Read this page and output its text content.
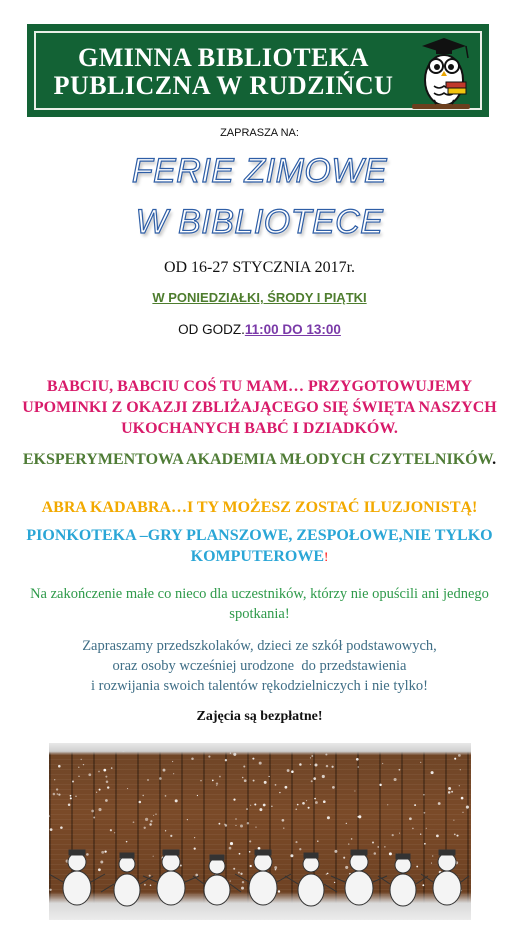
GMINNA BIBLIOTEKA
PUBLICZNA W RUDZIŃCU
ZAPRASZA NA:
FERIE ZIMOWE
W BIBLIOTECE
OD 16-27 STYCZNIA 2017r.
W PONIEDZIAŁKI, ŚRODY I PIĄTKI
OD GODZ.11:00 DO 13:00
BABCIU, BABCIU COŚ TU MAM… PRZYGOTOWUJEMY UPOMINKI Z OKAZJI ZBLIŻAJĄCEGO SIĘ ŚWIĘTA NASZYCH UKOCHANYCH BABĆ I DZIADKÓW.
EKSPERYMENTOWA AKADEMIA MŁODYCH CZYTELNIKÓW.
ABRA KADABRA…I TY MOŻESZ ZOSTAĆ ILUZJONISTĄ!
PIONKOTEKA –GRY PLANSZOWE, ZESPOŁOWE,NIE TYLKO KOMPUTEROWE!
Na zakończenie małe co nieco dla uczestników, którzy nie opuścili ani jednego spotkania!
Zapraszamy przedszkolaków, dzieci ze szkół podstawowych,
oraz osoby wcześniej urodzone  do przedstawienia
i rozwijania swoich talentów rękodzielniczych i nie tylko!
Zajęcia są bezpłatne!
